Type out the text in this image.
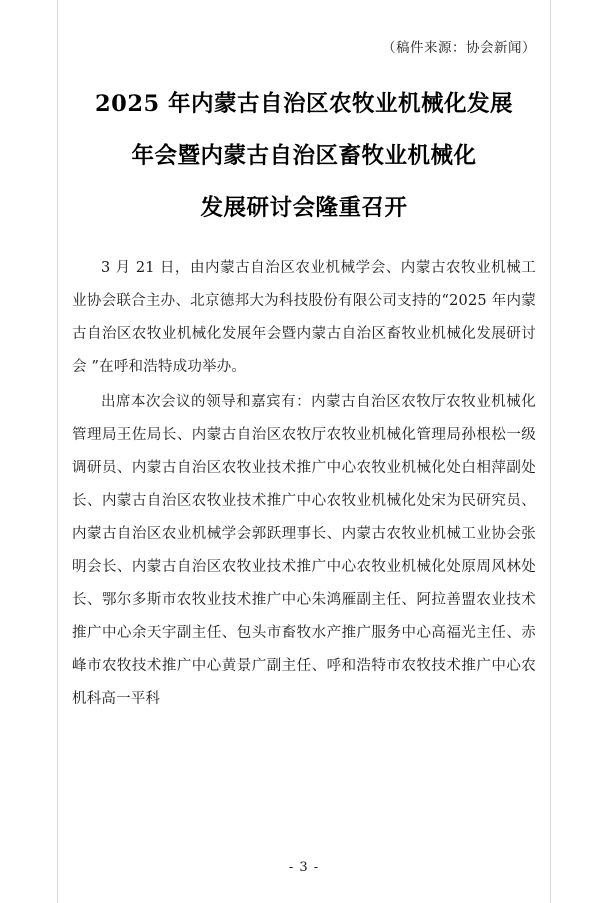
（稿件来源：协会新闻）
2025 年内蒙古自治区农牧业机械化发展
年会暨内蒙古自治区畜牧业机械化
发展研讨会隆重召开

3 月 21 日，由内蒙古自治区农业机械学会、内蒙古农牧业机械工业协会联合主办、北京德邦大为科技股份有限公司支持的“2025 年内蒙古自治区农牧业机械化发展年会暨内蒙古自治区畜牧业机械化发展研讨会 ”在呼和浩特成功举办。

出席本次会议的领导和嘉宾有：内蒙古自治区农牧厅农牧业机械化管理局王佐局长、内蒙古自治区农牧厅农牧业机械化管理局孙根松一级调研员、内蒙古自治区农牧业技术推广中心农牧业机械化处白相萍副处长、内蒙古自治区农牧业技术推广中心农牧业机械化处宋为民研究员、内蒙古自治区农业机械学会郭跃理事长、内蒙古农牧业机械工业协会张明会长、内蒙古自治区农牧业技术推广中心农牧业机械化处原周风林处长、鄂尔多斯市农牧业技术推广中心朱鸿雁副主任、阿拉善盟农业技术推广中心余天宇副主任、包头市畜牧水产推广服务中心高福光主任、赤峰市农牧技术推广中心黄景广副主任、呼和浩特市农牧技术推广中心农机科高一平科

- 3 -
